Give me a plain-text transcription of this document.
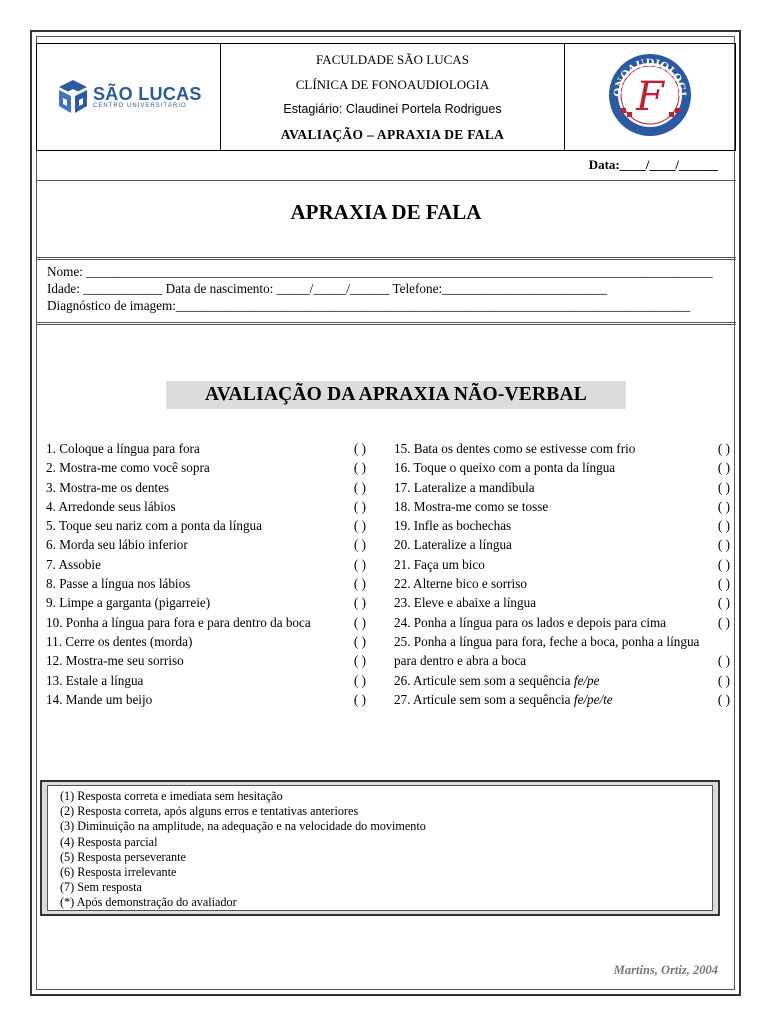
SÃO LUCAS
CENTRO UNIVERSITÁRIO

FACULDADE SÃO LUCAS
CLÍNICA DE FONOAUDIOLOGIA
Estagiário: Claudinei Portela Rodrigues
AVALIAÇÃO – APRAXIA DE FALA

ONOAUDIOLOGI
F
Data:____/____/______
APRAXIA DE FALA
Nome: _______________________________________________________________________________________________
Idade: ____________ Data de nascimento: _____/_____/______ Telefone:_________________________
Diagnóstico de imagem:______________________________________________________________________________
AVALIAÇÃO DA APRAXIA NÃO-VERBAL
1. Coloque a língua para fora	( )
2. Mostra-me como você sopra	( )
3. Mostra-me os dentes	( )
4. Arredonde seus lábios	( )
5. Toque seu nariz com a ponta da língua	( )
6. Morda seu lábio inferior	( )
7. Assobie	( )
8. Passe a língua nos lábios	( )
9. Limpe a garganta (pigarreie)	( )
10. Ponha a língua para fora e para dentro da boca	( )
11. Cerre os dentes (morda)	( )
12. Mostra-me seu sorriso	( )
13. Estale a língua	( )
14. Mande um beijo	( )
15. Bata os dentes como se estivesse com frio	( )
16. Toque o queixo com a ponta da língua	( )
17. Lateralize a mandíbula	( )
18. Mostra-me como se tosse	( )
19. Infle as bochechas	( )
20. Lateralize a língua	( )
21. Faça um bico	( )
22. Alterne bico e sorriso	( )
23. Eleve e abaixe a língua	( )
24. Ponha a língua para os lados e depois para cima	( )
25. Ponha a língua para fora, feche a boca, ponha a língua para dentro e abra a boca	( )
26. Articule sem som a sequência fe/pe	( )
27. Articule sem som a sequência fe/pe/te	( )
(1) Resposta correta e imediata sem hesitação
(2) Resposta correta, após alguns erros e tentativas anteriores
(3) Diminuição na amplitude, na adequação e na velocidade do movimento
(4) Resposta parcial
(5) Resposta perseverante
(6) Resposta irrelevante
(7) Sem resposta
(*) Após demonstração do avaliador
Martins, Ortiz, 2004
